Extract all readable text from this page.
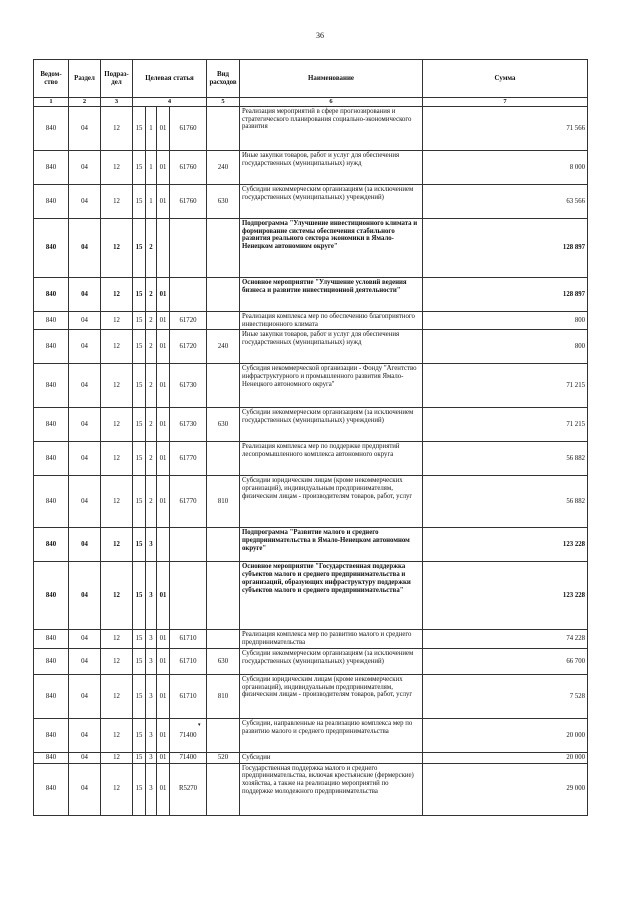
36
Ведом-ство	Раздел	Подраз-дел	Целевая статья				Вид расходов	Наименование	Сумма
1	2	3	4				5	6	7
840	04	12	15	1	01	61760		Реализация мероприятий в сфере прогнозирования и стратегического планирования социально-экономического развития	71 566
840	04	12	15	1	01	61760	240	Иные закупки товаров, работ и услуг для обеспечения государственных (муниципальных) нужд	8 000
840	04	12	15	1	01	61760	630	Субсидии некоммерческим организациям (за исключением государственных (муниципальных) учреждений)	63 566
840	04	12	15	2				Подпрограмма "Улучшение инвестиционного климата и формирование системы обеспечения стабильного развития реального сектора экономики в Ямало-Ненецком автономном округе"	128 897
840	04	12	15	2	01			Основное мероприятие "Улучшение условий ведения бизнеса и развитие инвестиционной деятельности"	128 897
840	04	12	15	2	01	61720		Реализация комплекса мер по обеспечению благоприятного инвестиционного климата	800
840	04	12	15	2	01	61720	240	Иные закупки товаров, работ и услуг для обеспечения государственных (муниципальных) нужд	800
840	04	12	15	2	01	61730		Субсидия некоммерческой организации - Фонду "Агентство инфраструктурного и промышленного развития Ямало-Ненецкого автономного округа"	71 215
840	04	12	15	2	01	61730	630	Субсидии некоммерческим организациям (за исключением государственных (муниципальных) учреждений)	71 215
840	04	12	15	2	01	61770		Реализация комплекса мер по поддержке предприятий лесопромышленного комплекса автономного округа	56 882
840	04	12	15	2	01	61770	810	Субсидии юридическим лицам (кроме некоммерческих организаций), индивидуальным предпринимателям, физическим лицам - производителям товаров, работ, услуг	56 882
840	04	12	15	3				Подпрограмма "Развитие малого и среднего предпринимательства в Ямало-Ненецком автономном округе"	123 228
840	04	12	15	3	01			Основное мероприятие "Государственная поддержка субъектов малого и среднего предпринимательства и организаций, образующих инфраструктуру поддержки субъектов малого и среднего предпринимательства"	123 228
840	04	12	15	3	01	61710		Реализация комплекса мер по развитию малого и среднего предпринимательства	74 228
840	04	12	15	3	01	61710	630	Субсидии некоммерческим организациям (за исключением государственных (муниципальных) учреждений)	66 700
840	04	12	15	3	01	61710	810	Субсидии юридическим лицам (кроме некоммерческих организаций), индивидуальным предпринимателям, физическим лицам - производителям товаров, работ, услуг	7 528
840	04	12	15	3	01	71400		Субсидии, направленные на реализацию комплекса мер по развитию малого и среднего предпринимательства	20 000
840	04	12	15	3	01	71400	520	Субсидии	20 000
840	04	12	15	3	01	R5270		Государственная поддержка малого и среднего предпринимательства, включая крестьянские (фермерские) хозяйства, а также на реализацию мероприятий по поддержке молодежного предпринимательства	29 000
▾
